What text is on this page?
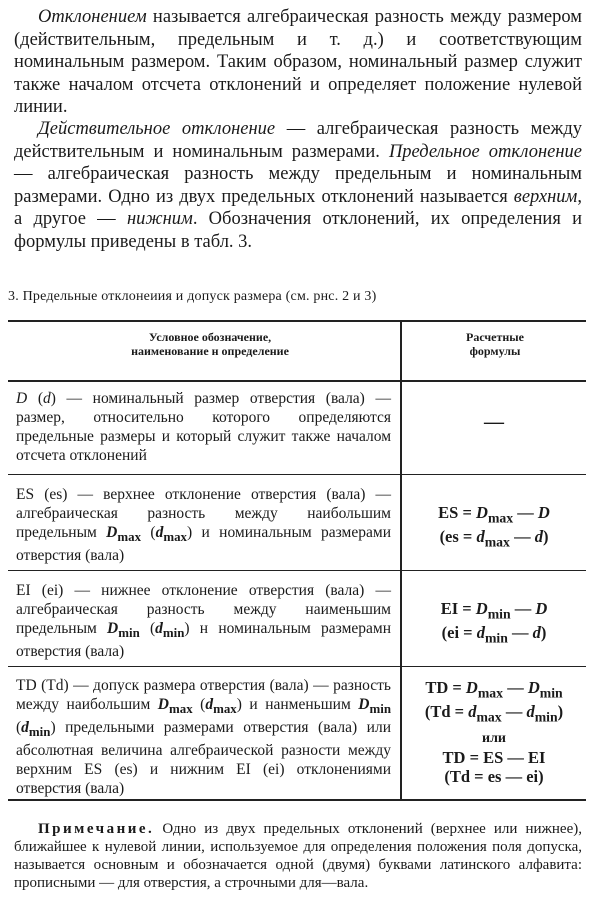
Отклонением называется алгебраическая разность между размером (действительным, предельным и т. д.) и соответствующим номинальным размером. Таким образом, номинальный размер служит также началом отсчета отклонений и определяет положение нулевой линии.

Действительное отклонение — алгебраическая разность между действительным и номинальным размерами. Предельное отклонение — алгебраическая разность между предельным и номинальным размерами. Одно из двух предельных отклонений называется верхним, а другое — нижним. Обозначения отклонений, их определения и формулы приведены в табл. 3.

3. Предельные отклонеиия и допуск размера (см. рнс. 2 и 3)
Условное обозначение, наименование н определение
Расчетные формулы
D (d) — номинальный размер отверстия (вала) — размер, относительно которого определяются предельные размеры и который служит также началом отсчета отклонений
—
ES (es) — верхнее отклонение отверстия (вала) — алгебраическая разность между наибольшим предельным $D_{max}$ $(d_{max})$ и номинальным размерами отверстия (вала)
ES = $D_{max}$ — D
($es = d_{max}$ — d)
EI (ei) — нижнее отклонение отверстия (вала) — алгебраическая разность между наименьшим предельным $D_{min}$ $(d_{min})$ н номинальным размерамн отверстия (вала)
EI = $D_{min}$ — D
($ei = d_{min}$ — d)
TD (Td) — допуск размера отверстия (вала) — разность между наибольшим $D_{max}$ $(d_{max})$ и нанменьшим $D_{min}$ $(d_{min})$ предельными размерами отверстия (вала) или абсолютная величина алгебраической разности между верхним ES (es) и нижним EI (ei) отклонениями отверстия (вала)
TD = $D_{max}$ — $D_{min}$
($Td = d_{max}$ — $d_{min}$)
или
TD = ES — EI
(Td = es — ei)

Примечание. Одно из двух предельных отклонений (верхнее или нижнее), ближайшее к нулевой линии, используемое для определения положения поля допуска, называется основным и обозначается одной (двумя) буквами латинского алфавита: прописными — для отверстия, а строчными для—вала.
